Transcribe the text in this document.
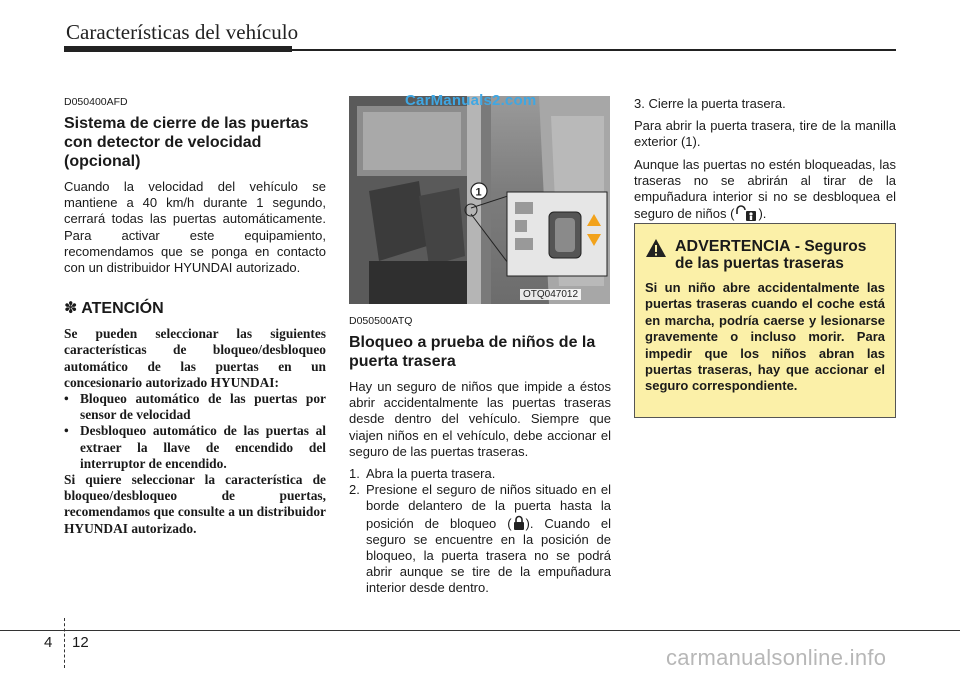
Características del vehículo
D050400AFD
Sistema de cierre de las puertas con detector de velocidad (opcional)

Cuando la velocidad del vehículo se mantiene a 40 km/h durante 1 segundo, cerrará todas las puertas automáticamente. Para activar este equipamiento, recomendamos que se ponga en contacto con un distribuidor HYUNDAI autorizado.

✽ ATENCIÓN

Se pueden seleccionar las siguientes características de bloqueo/desbloqueo automático de las puertas en un concesionario autorizado HYUNDAI:

• Bloqueo automático de las puertas por sensor de velocidad
• Desbloqueo automático de las puertas al extraer la llave de encendido del interruptor de encendido.

Si quiere seleccionar la característica de bloqueo/desbloqueo de puertas, recomendamos que consulte a un distribuidor HYUNDAI autorizado.

1
CarManuals2.com
OTQ047012
D050500ATQ
Bloqueo a prueba de niños de la puerta trasera

Hay un seguro de niños que impide a éstos abrir accidentalmente las puertas traseras desde dentro del vehículo. Siempre que viajen niños en el vehículo, debe accionar el seguro de las puertas traseras.

1. Abra la puerta trasera.
2. Presione el seguro de niños situado en el borde delantero de la puerta hasta la posición de bloqueo ( ). Cuando el seguro se encuentre en la posición de bloqueo, la puerta trasera no se podrá abrir aunque se tire de la empuñadura interior desde dentro.

3. Cierre la puerta trasera.

Para abrir la puerta trasera, tire de la manilla exterior (1).

Aunque las puertas no estén bloqueadas, las traseras no se abrirán al tirar de la empuñadura interior si no se desbloquea el seguro de niños ( ).

ADVERTENCIA - Seguros de las puertas traseras

Si un niño abre accidentalmente las puertas traseras cuando el coche está en marcha, podría caerse y lesionarse gravemente o incluso morir. Para impedir que los niños abran las puertas traseras, hay que accionar el seguro correspondiente.

4 12
carmanualsonline.info
